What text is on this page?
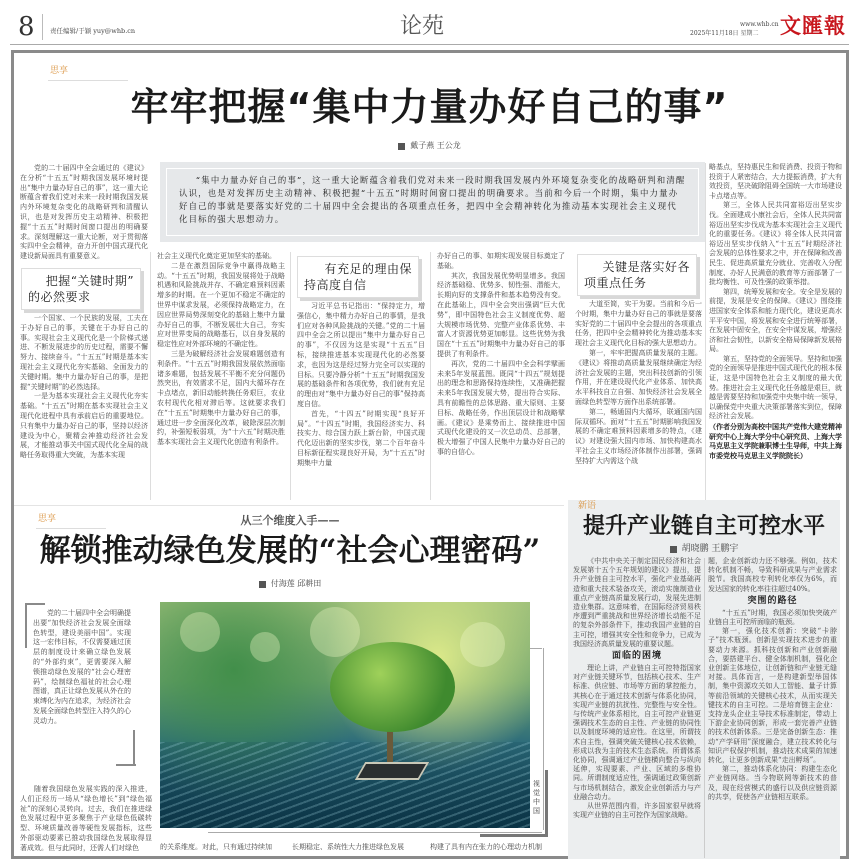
8 责任编辑/于颖 yuy@whb.cn	论苑	www.whb.cn
2025年11月18日 星期二 文匯報
思享
牢牢把握“集中力量办好自己的事”
戴子燕 王公龙
“集中力量办好自己的事”，这一重大论断蕴含着我们党对未来一段时期我国发展内外环境复杂变化的战略研判和清醒认识，也是对发挥历史主动精神、积极把握“十五五”时期时间窗口提出的明确要求。当前和今后一个时期，集中力量办好自己的事就是要落实好党的二十届四中全会提出的各项重点任务，把四中全会精神转化为推动基本实现社会主义现代化目标的强大思想动力。

党的二十届四中全会通过的《建议》在分析“十五五”时期我国发展环境时提出“集中力量办好自己的事”，这一重大论断蕴含着我们党对未来一段时期我国发展内外环境复杂变化的战略研判和清醒认识，也是对发挥历史主动精神、积极把握“十五五”时期时间窗口提出的明确要求。深刻理解这一重大论断，对于贯彻落实四中全会精神，奋力开创中国式现代化建设新局面具有重要意义。

把握“关键时期”
的必然要求

一个国家、一个民族的发展，工夫在于办好自己的事，关键在于办好自己的事。实现社会主义现代化是一个阶梯式递进、不断发展进步的历史过程，需要不懈努力、接续奋斗。“十五五”时期是基本实现社会主义现代化夯实基础、全面发力的关键时期。集中力量办好自己的事，是把握“关键时期”的必然选择。

一是为基本实现社会主义现代化夯实基础。“十五五”时期在基本实现社会主义现代化进程中具有承前启后的重要地位。只有集中力量办好自己的事，坚持以经济建设为中心，聚精会神推动经济社会发展，才能推动事关中国式现代化全局的战略任务取得重大突破，为基本实现

社会主义现代化奠定更加坚实的基础。

二是在激烈国际竞争中赢得战略主动。“十五五”时期，我国发展将处于战略机遇和风险挑战并存、不确定难预料因素增多的时期。在一个更加不稳定不确定的世界中谋求发展，必须保持战略定力，在因应世界局势深刻变化的基础上集中力量办好自己的事，不断发展壮大自己，夯实应对世界变局的战略基石，以自身发展的稳定性应对外部环境的不确定性。

三是为破解经济社会发展难题创造有利条件。“十五五”时期我国发展依然面临诸多难题，包括发展不平衡不充分问题仍然突出，有效需求不足，国内大循环存在卡点堵点，新旧动能转换任务艰巨，农业农村现代化相对滞后等。这就要求我们在“十五五”时期集中力量办好自己的事，通过进一步全面深化改革，破除深层次制约，补强短板弱项，为“十六五”时期决胜基本实现社会主义现代化创造有利条件。

有充足的理由保
持高度自信

习近平总书记指出：“保持定力，增强信心，集中精力办好自己的事情，是我们应对各种风险挑战的关键。”党的二十届四中全会之所以提出“集中力量办好自己的事”，不仅因为这是实现“十五五”目标，接续推进基本实现现代化的必然要求，也因为这是经过努力完全可以实现的目标。只要冷静分析“十五五”时期我国发展的基础条件和各项优势，我们就有充足的理由对“集中力量办好自己的事”保持高度自信。

首先，“十四五”时期实现“良好开局”。“十四五”时期，我国经济实力、科技实力、综合国力跃上新台阶，中国式现代化迈出新的坚实步伐，第二个百年奋斗目标新征程实现良好开局，为“十五五”时期集中力量

办好自己的事、如期实现发展目标奠定了基础。

其次，我国发展优势明显增多。我国经济基础稳、优势多、韧性强、潜能大，长期向好的支撑条件和基本趋势没有变。在此基础上，四中全会突出强调“巨大优势”，即中国特色社会主义制度优势、超大规模市场优势、完整产业体系优势、丰富人才资源优势更加彰显。这些优势为我国在“十五五”时期集中力量办好自己的事提供了有利条件。

再次，党的二十届四中全会科学擘画未来5年发展蓝图。既同“十四五”规划提出的理念和思路保持连续性，又准确把握未来5年我国发展大势，提出符合实际、具有前瞻性的总体思路、重大原则、主要目标、战略任务，作出顶层设计和战略擘画。《建议》是乘势而上、接续推进中国式现代化建设的又一次总动员、总部署，极大增强了中国人民集中力量办好自己的事的自信心。

关键是落实好各
项重点任务

大道至简，实干为要。当前和今后一个时期，集中力量办好自己的事就是要落实好党的二十届四中全会提出的各项重点任务，把四中全会精神转化为推动基本实现社会主义现代化目标的强大思想动力。

第一，牢牢把握高质量发展的主题。《建议》将推动高质量发展继续确定为经济社会发展的主题，突出科技创新的引领作用，并在建设现代化产业体系、加快高水平科技自立自强、加快经济社会发展全面绿色转型等方面作出系统部署。

第二，畅通国内大循环，联通国内国际双循环。面对“十五五”时期影响我国发展的不确定难预料因素增多的特点，《建议》对建设强大国内市场、加快构建高水平社会主义市场经济体制作出部署，强调坚持扩大内需这个战

略基点，坚持惠民生和促消费、投资于物和投资于人紧密结合，大力提振消费，扩大有效投资，坚决破除阻碍全国统一大市场建设卡点堵点等。

第三，全体人民共同富裕迈出坚实步伐。全面建成小康社会后，全体人民共同富裕迈出坚实步伐成为基本实现社会主义现代化的重要任务。《建议》将全体人民共同富裕迈出坚实步伐纳入“十五五”时期经济社会发展的总体性要求之中，并在保障和改善民生、促进高质量充分就业、完善收入分配制度、办好人民满意的教育等方面部署了一批均衡性、可及性强的政策举措。

第四，统筹发展和安全。安全是发展的前提，发展是安全的保障。《建议》围绕推进国家安全体系和能力现代化，建设更高水平平安中国，将发展和安全进行统筹部署，在发展中固安全，在安全中谋发展，增强经济和社会韧性，以新安全格局保障新发展格局。

第五，坚持党的全面领导。坚持和加强党的全面领导是推进中国式现代化的根本保证，这是中国特色社会主义制度的最大优势。推进社会主义现代化任务越是艰巨，就越是需要坚持和加强党中央集中统一领导，以确保党中央重大决策部署落实到位，保障经济社会发展。

（作者分别为高校中国共产党伟大建党精神研究中心上海大学分中心研究员、上海大学马克思主义学院兼职博士生导师，中共上海市委党校马克思主义学院院长）

思享	从三个维度入手——
解锁推动绿色发展的“社会心理密码”
付海莲 邱耕田

党的二十届四中全会明确提出要“加快经济社会发展全面绿色转型，建设美丽中国”。实现这一宏伟目标，不仅需要通过顶层的制度设计来确立绿色发展的“外部约束”，更需要深入解锁推动绿色发展的“社会心理密码”，绘制绿色福祉的社会心理图谱，真正让绿色发展从外在的束缚化为内在追求，为经济社会发展全面绿色转型注入持久的心灵动力。

随着我国绿色发展实践的深入推进，人们正经历一场从“绿色增长”到“绿色福祉”的深刻心灵转向。过去，我们在推进绿色发展过程中更多聚焦于产业绿色低碳转型、环境质量改善等硬性发展指标，这些外部驱动要素已推动我国绿色发展取得显著成效。但与此同时，还需人们对绿色

视觉中国

的关系维度。对此，只有通过持续加	长期稳定、系统性大力推进绿色发展	构建了具有内在张力的心理动力机制

新语
提升产业链自主可控水平
胡晓鹏 王鹏宇

《中共中央关于制定国民经济和社会发展第十五个五年规划的建议》提出，提升产业链自主可控水平，强化产业基础再造和重大技术装备攻关，滚动实施制造业重点产业链高质量发展行动，发展先进制造业集群。这意味着，在国际经济贸易秩序遭到严重挑战和世界经济增长动能不足的复杂外部条件下，推动我国产业链的自主可控，增强其安全性和竞争力，已成为我国经济高质量发展的重要议题。

面临的困境

理论上讲，产业链自主可控特指国家对产业链关键环节，包括核心技术、生产标准、供应链、市场等方面的掌控能力，其核心在于通过技术创新与体系化协同，实现产业链的抗扰性、完整性与安全性。与传统产业体系相比，自主可控产业链更强调技术生态的自主性、产业链的协同性以及制度环境的适应性。在这里，所谓技术自主性，强调突破关键核心技术依赖，形成以我为主的技术生态系统。所谓体系化协同，强调通过产业链横向整合与纵向延伸，实现要素、产业、区域的多维协同。所谓制度适应性，强调通过政策创新与市场机制结合，激发企业创新活力与产业融合动力。

从世界范围内看，许多国家很早就将实现产业链的自主可控作为国家战略。

题，企业创新动力还不够强。例如，技术转化机制不畅，导致科研成果与产业需求脱节。我国高校专利转化率仅为6%，而发达国家的转化率往往超过40%。

突围的路径

“十五五”时期，我国必须加快突破产业链自主可控所面临的瓶颈。

第一，强化技术创新：突破“卡脖子”技术瓶颈。创新是实现技术进步的重要动力来源。抓科技创新和产业创新融合，要搭建平台、健全体制机制，强化企业创新主体地位，让创新链和产业链无缝对接。具体而言，一是构建新型举国体制，集中资源攻关如人工智能、量子计算等前沿领域的关键核心技术，从而实现关键技术的自主可控。二是培育链主企业：支持龙头企业主导技术标准制定，带动上下游企业协同创新，形成一套完善产业链的技术创新体系。三是完备创新生态：推动“产学研用”深度融合，建立技术转化与知识产权保护机制，推动技术成果的加速转化，让更多创新成果“走出孵场”。

第二，推动体系化协同：构建生态化产业链网络。当今物联网等新技术的普及，现在经营模式的盛行以及供应链资源的共享，促使各产业链相互联系。
